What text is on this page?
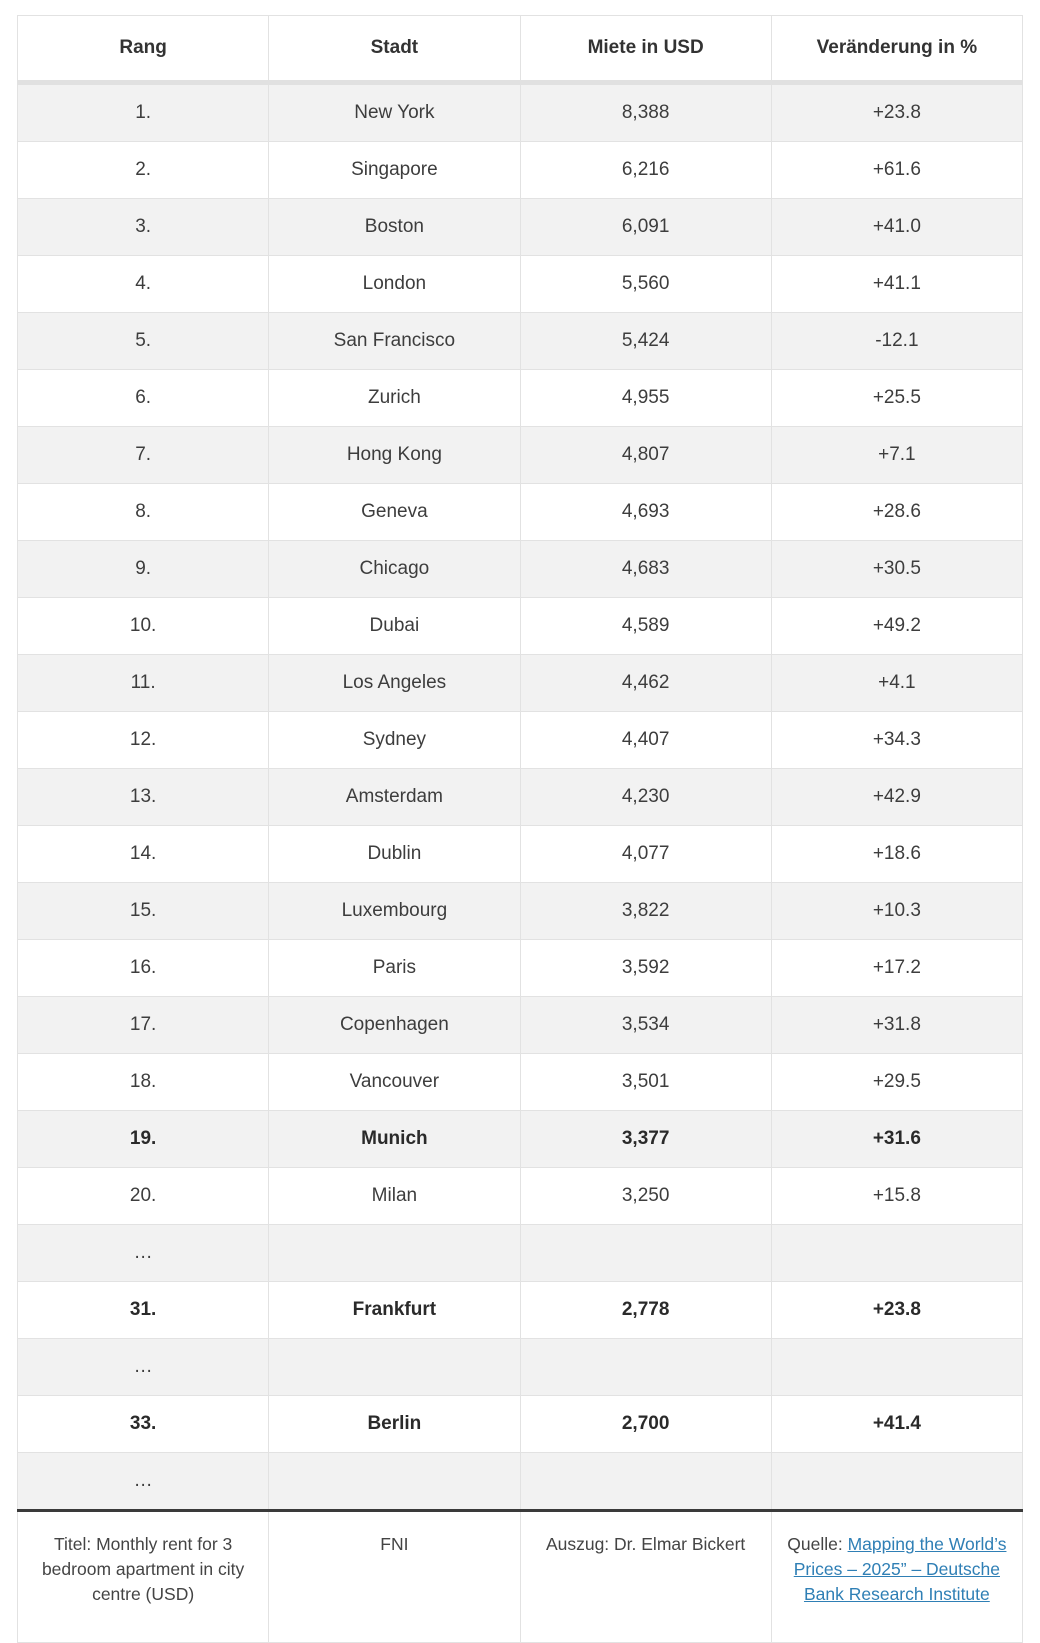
Rang	Stadt	Miete in USD	Veränderung in %
1.	New York	8,388	+23.8
2.	Singapore	6,216	+61.6
3.	Boston	6,091	+41.0
4.	London	5,560	+41.1
5.	San Francisco	5,424	-12.1
6.	Zurich	4,955	+25.5
7.	Hong Kong	4,807	+7.1
8.	Geneva	4,693	+28.6
9.	Chicago	4,683	+30.5
10.	Dubai	4,589	+49.2
11.	Los Angeles	4,462	+4.1
12.	Sydney	4,407	+34.3
13.	Amsterdam	4,230	+42.9
14.	Dublin	4,077	+18.6
15.	Luxembourg	3,822	+10.3
16.	Paris	3,592	+17.2
17.	Copenhagen	3,534	+31.8
18.	Vancouver	3,501	+29.5
19.	Munich	3,377	+31.6
20.	Milan	3,250	+15.8
…			
31.	Frankfurt	2,778	+23.8
…			
33.	Berlin	2,700	+41.4
…			
Titel: Monthly rent for 3 bedroom apartment in city centre (USD)	FNI	Auszug: Dr. Elmar Bickert	Quelle: Mapping the World’s Prices – 2025” – Deutsche Bank Research Institute
